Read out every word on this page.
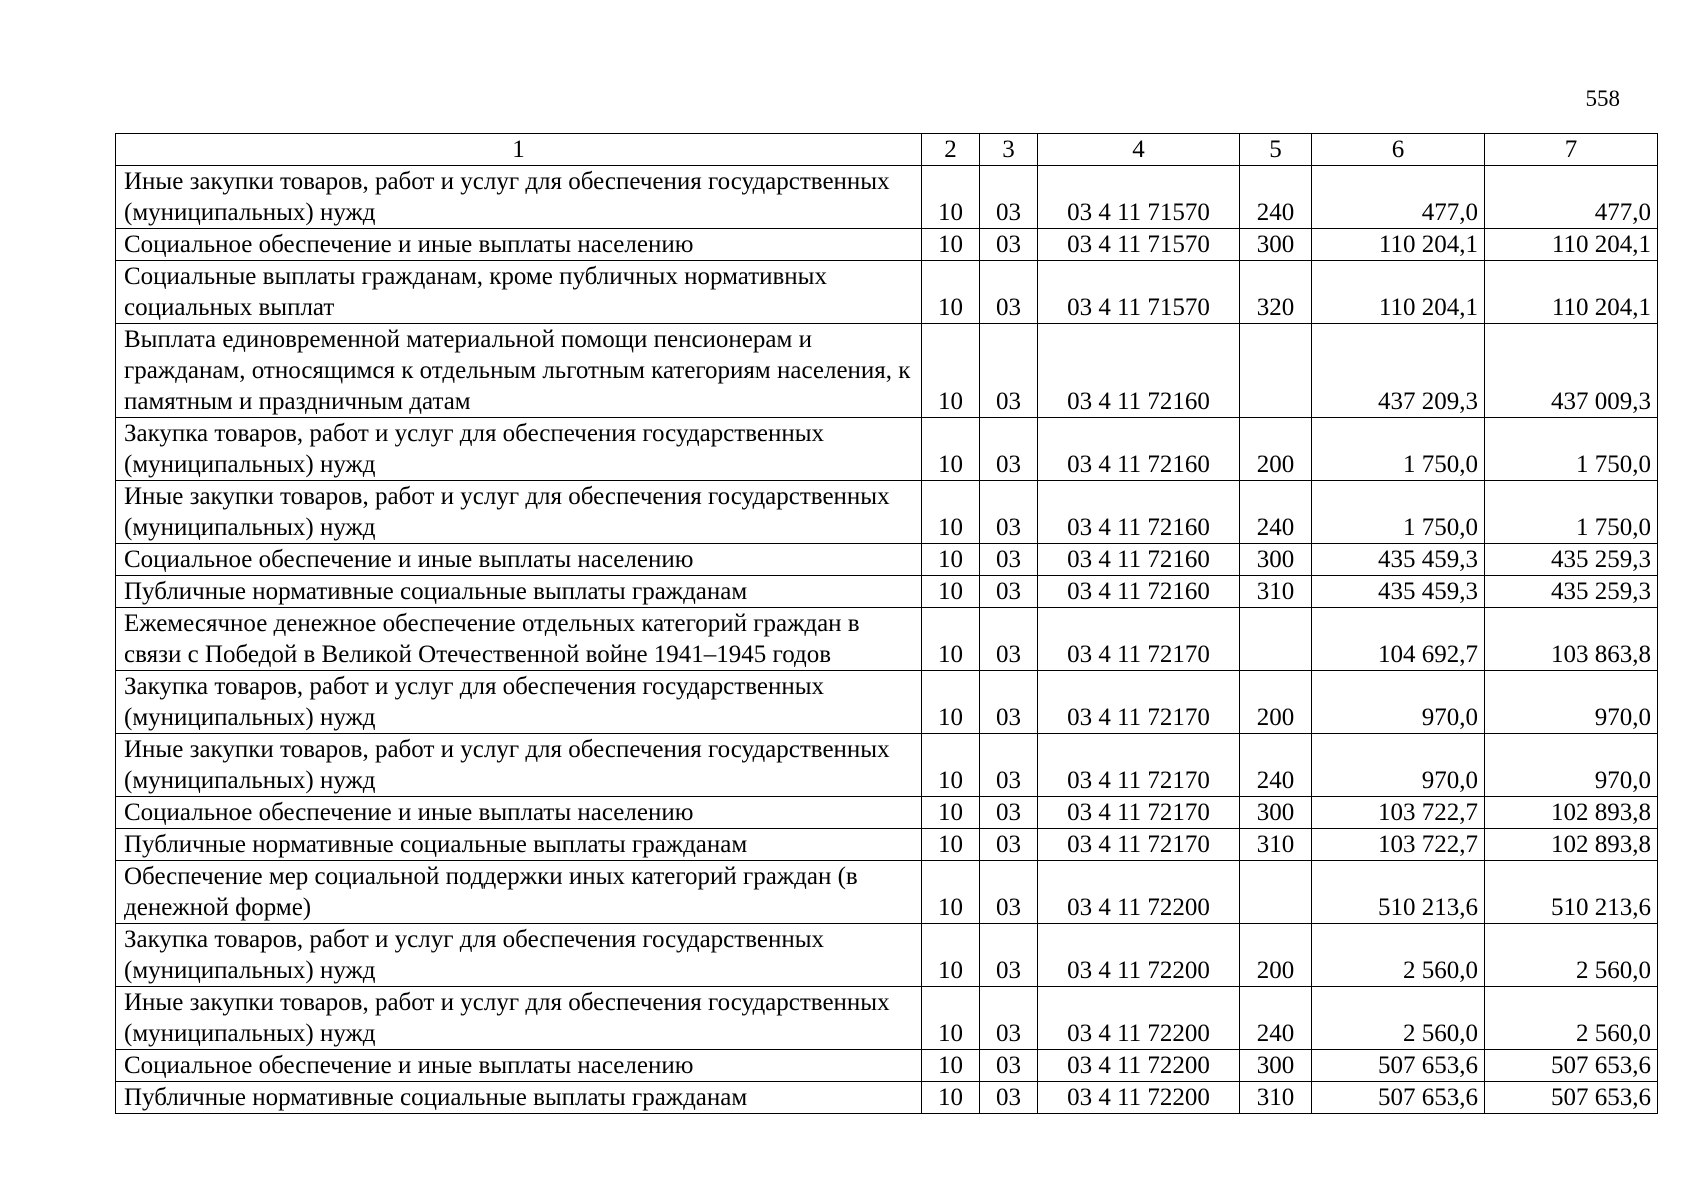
558
1	2	3	4	5	6	7
Иные закупки товаров, работ и услуг для обеспечения государственных (муниципальных) нужд	10	03	03 4 11 71570	240	477,0	477,0
Социальное обеспечение и иные выплаты населению	10	03	03 4 11 71570	300	110 204,1	110 204,1
Социальные выплаты гражданам, кроме публичных нормативных социальных выплат	10	03	03 4 11 71570	320	110 204,1	110 204,1
Выплата единовременной материальной помощи пенсионерам и гражданам, относящимся к отдельным льготным категориям населения, к памятным и праздничным датам	10	03	03 4 11 72160		437 209,3	437 009,3
Закупка товаров, работ и услуг для обеспечения государственных (муниципальных) нужд	10	03	03 4 11 72160	200	1 750,0	1 750,0
Иные закупки товаров, работ и услуг для обеспечения государственных (муниципальных) нужд	10	03	03 4 11 72160	240	1 750,0	1 750,0
Социальное обеспечение и иные выплаты населению	10	03	03 4 11 72160	300	435 459,3	435 259,3
Публичные нормативные социальные выплаты гражданам	10	03	03 4 11 72160	310	435 459,3	435 259,3
Ежемесячное денежное обеспечение отдельных категорий граждан в связи с Победой в Великой Отечественной войне 1941–1945 годов	10	03	03 4 11 72170		104 692,7	103 863,8
Закупка товаров, работ и услуг для обеспечения государственных (муниципальных) нужд	10	03	03 4 11 72170	200	970,0	970,0
Иные закупки товаров, работ и услуг для обеспечения государственных (муниципальных) нужд	10	03	03 4 11 72170	240	970,0	970,0
Социальное обеспечение и иные выплаты населению	10	03	03 4 11 72170	300	103 722,7	102 893,8
Публичные нормативные социальные выплаты гражданам	10	03	03 4 11 72170	310	103 722,7	102 893,8
Обеспечение мер социальной поддержки иных категорий граждан (в денежной форме)	10	03	03 4 11 72200		510 213,6	510 213,6
Закупка товаров, работ и услуг для обеспечения государственных (муниципальных) нужд	10	03	03 4 11 72200	200	2 560,0	2 560,0
Иные закупки товаров, работ и услуг для обеспечения государственных (муниципальных) нужд	10	03	03 4 11 72200	240	2 560,0	2 560,0
Социальное обеспечение и иные выплаты населению	10	03	03 4 11 72200	300	507 653,6	507 653,6
Публичные нормативные социальные выплаты гражданам	10	03	03 4 11 72200	310	507 653,6	507 653,6
